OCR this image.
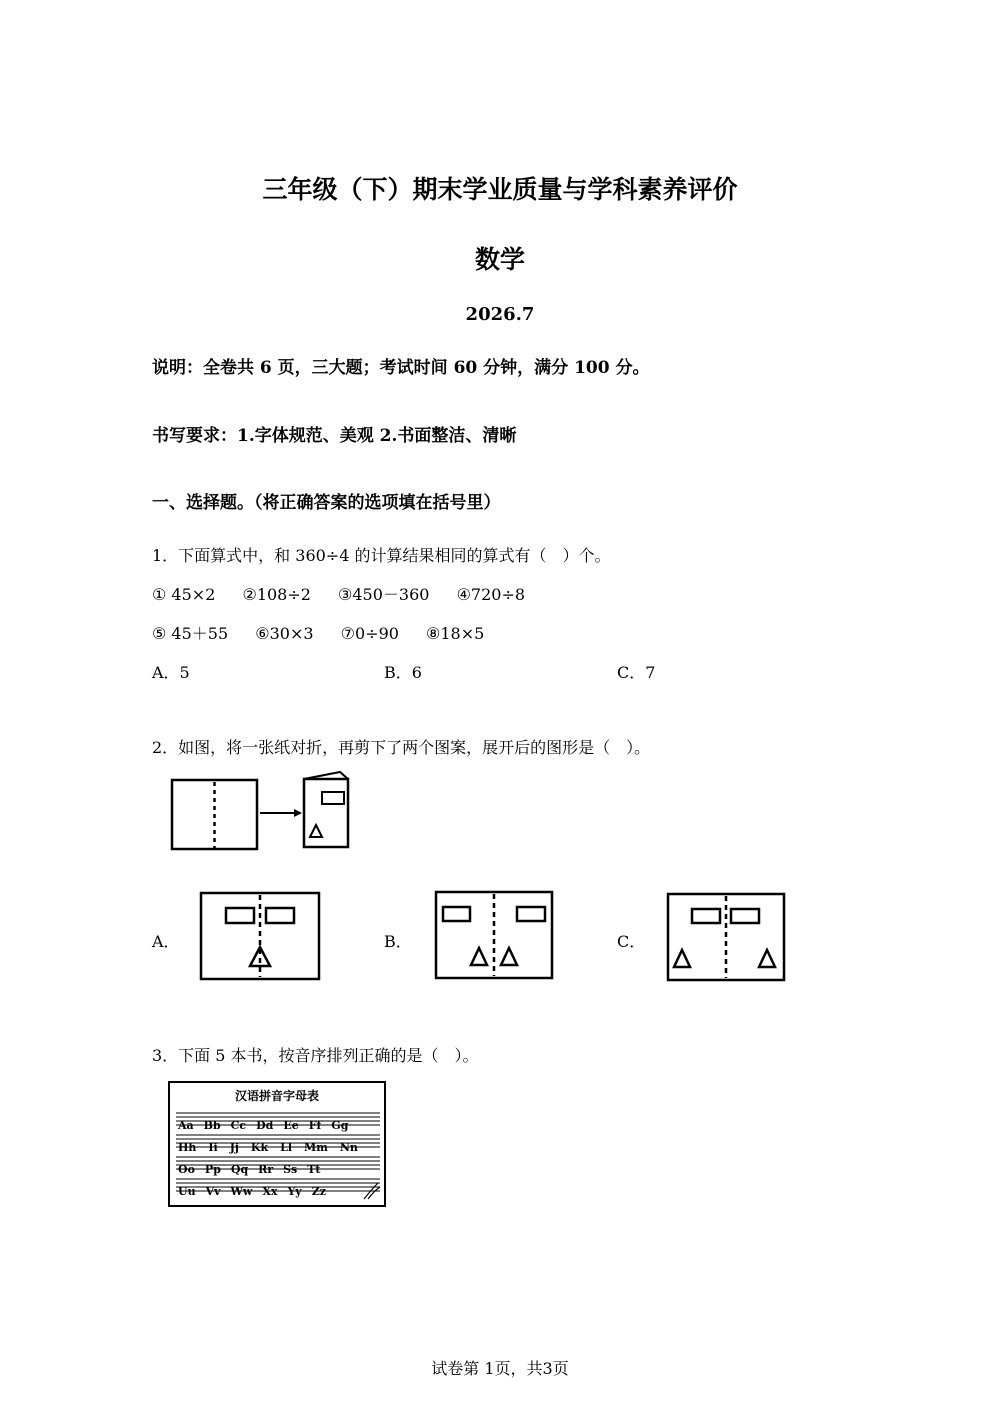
三年级（下）期末学业质量与学科素养评价
数学
2026.7
说明：全卷共 6 页，三大题；考试时间 60 分钟，满分 100 分。
书写要求：1.字体规范、美观 2.书面整洁、清晰
一、选择题。（将正确答案的选项填在括号里）
1．下面算式中，和 360÷4 的计算结果相同的算式有（　）个。
① 45×2 ②108÷2 ③450－360 ④720÷8
⑤ 45＋55 ⑥30×3 ⑦0÷90 ⑧18×5
A．5	B．6	C．7
2．如图，将一张纸对折，再剪下了两个图案，展开后的图形是（　）。
A．	B．	C．
3．下面 5 本书，按音序排列正确的是（　）。
汉语拼音字母表
Aa Bb Cc Dd Ee Ff Gg
Hh Ii Jj Kk Ll Mm Nn
Oo Pp Qq Rr Ss Tt
Uu Vv Ww Xx Yy Zz
试卷第 1页，共3页
